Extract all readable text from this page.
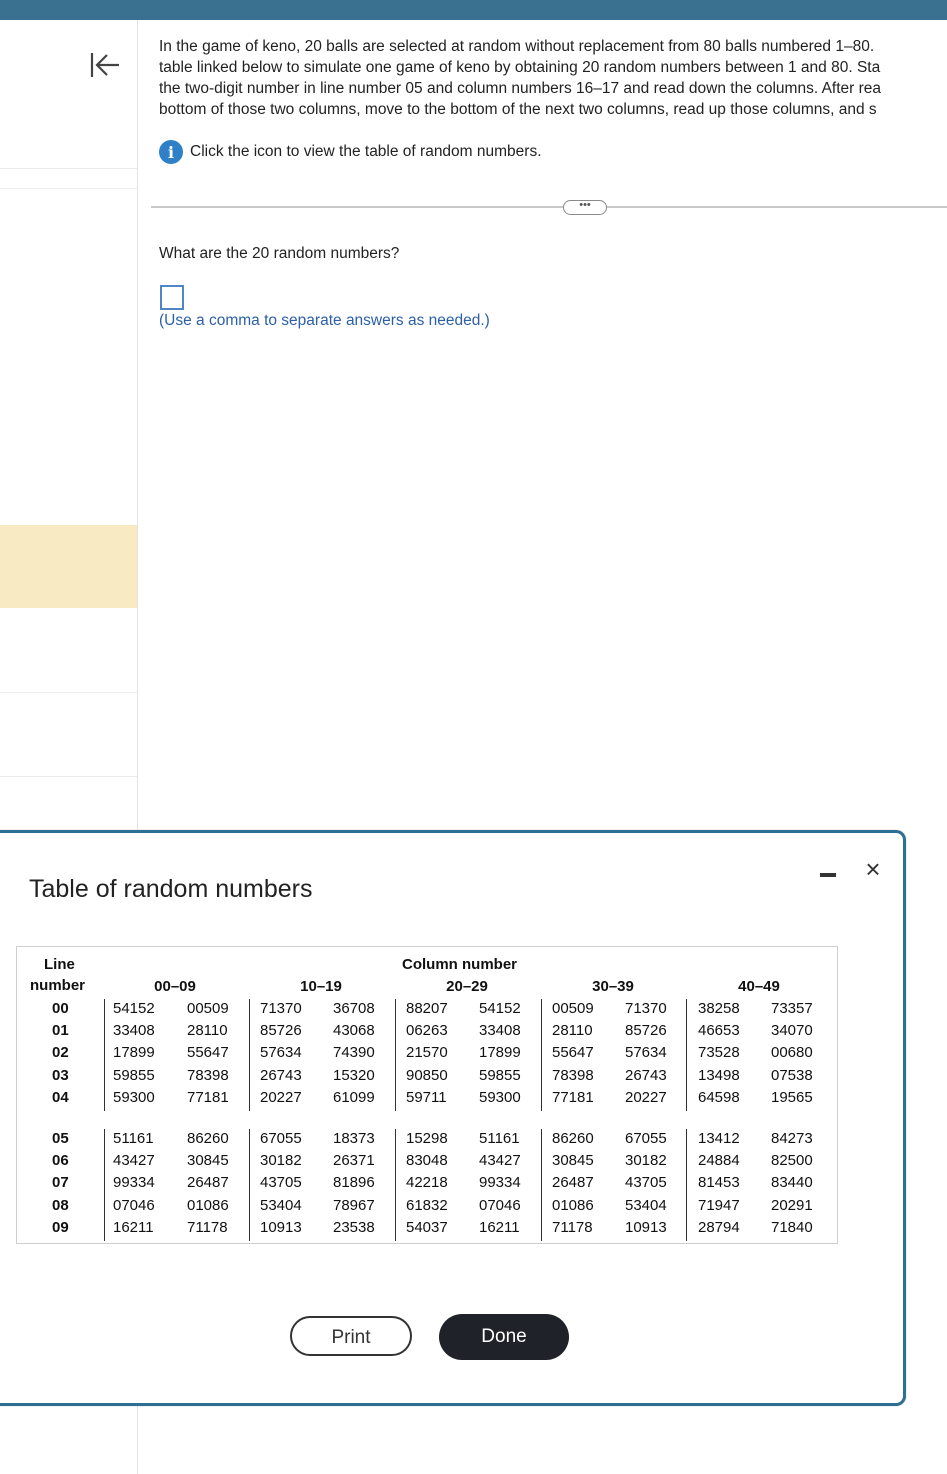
In the game of keno, 20 balls are selected at random without replacement from 80 balls numbered 1–80.
table linked below to simulate one game of keno by obtaining 20 random numbers between 1 and 80. Sta
the two-digit number in line number 05 and column numbers 16–17 and read down the columns. After rea
bottom of those two columns, move to the bottom of the next two columns, read up those columns, and s
i	Click the icon to view the table of random numbers.
•••
What are the 20 random numbers?
(Use a comma to separate answers as needed.)
Table of random numbers
×
Line
number
Column number
00–09	10–19	20–29	30–39	40–49
00	54152 00509 71370 36708 88207 54152 00509 71370 38258 73357
01	33408 28110 85726 43068 06263 33408 28110 85726 46653 34070
02	17899 55647 57634 74390 21570 17899 55647 57634 73528 00680
03	59855 78398 26743 15320 90850 59855 78398 26743 13498 07538
04	59300 77181 20227 61099 59711 59300 77181 20227 64598 19565
05	51161 86260 67055 18373 15298 51161 86260 67055 13412 84273
06	43427 30845 30182 26371 83048 43427 30845 30182 24884 82500
07	99334 26487 43705 81896 42218 99334 26487 43705 81453 83440
08	07046 01086 53404 78967 61832 07046 01086 53404 71947 20291
09	16211 71178 10913 23538 54037 16211 71178 10913 28794 71840
Print	Done
